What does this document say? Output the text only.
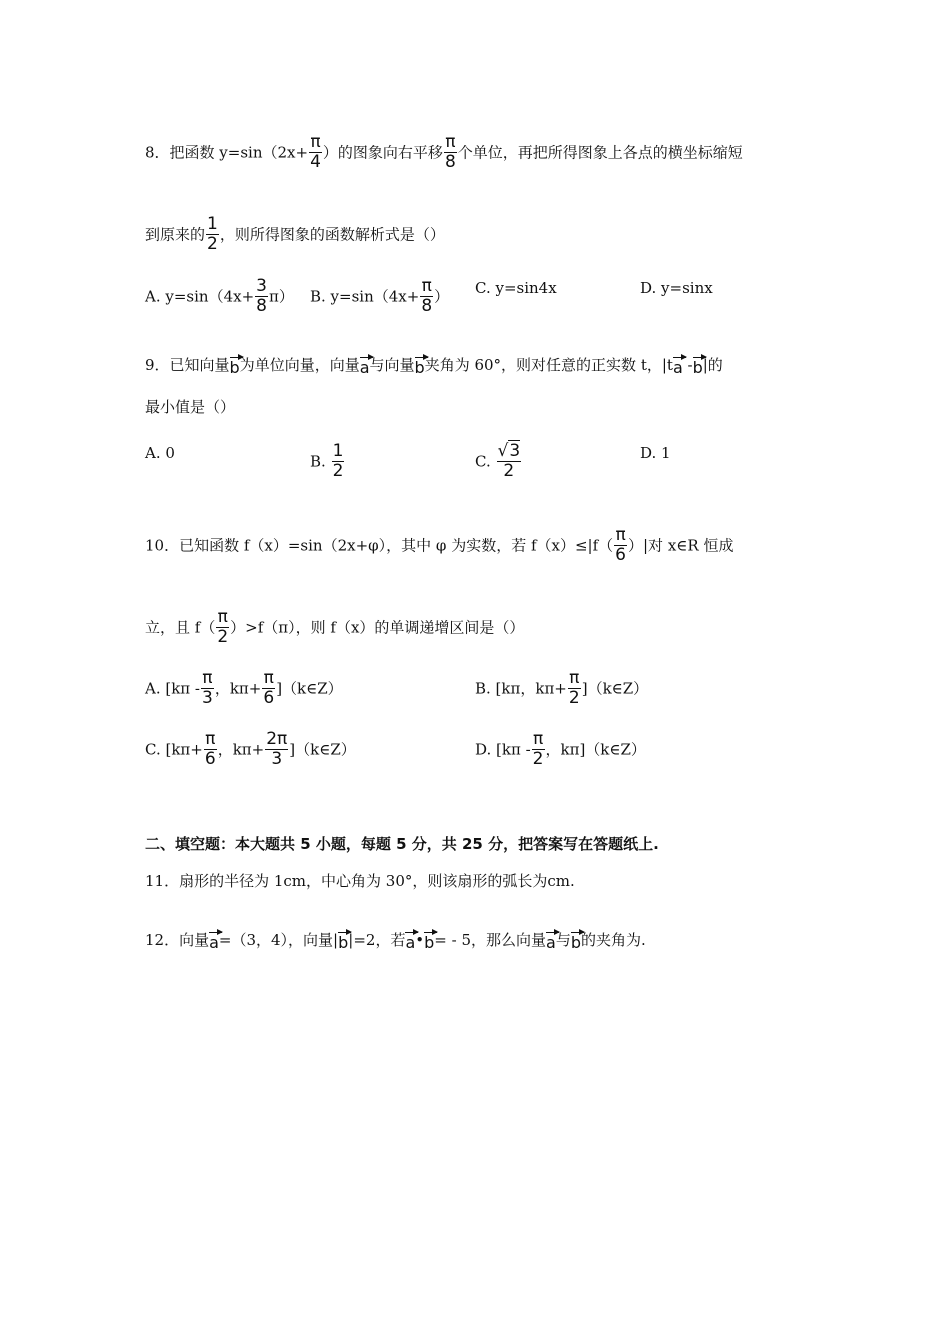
8．把函数 $y=\sin(2x+ \frac{\pi}{4}$ ）的图象向右平移 $\frac{\pi}{8}$ 个单位，再把所得图象上各点的横坐标缩短
到原来的 $\frac{1}{2}$ ，则所得图象的函数解析式是（）
A. $y=\sin(4x+ \frac{3}{8} \pi)$ B. $y=\sin(4x+ \frac{\pi}{8}$ ） C. y=sin4x	D. y=sinx
9．已知向量b为单位向量，向量a与向量b夹角为 60°，则对任意的正实数 t，|ta -b|的
最小值是（）
A. 0	B. $\frac{1}{2}$	C. $\frac{√3}{2}$	D. 1
10．已知函数 f（x）=sin（2x+φ），其中 φ 为实数，若 $f(x)\le|f( \frac{\pi}{6}$ ）|对 x∈R 恒成
立，且 $f( \frac{\pi}{2} )>f(\pi)$，则 f（x）的单调递增区间是（）
A. [$k\pi - \frac{\pi}{3}$ ，$k\pi+ \frac{\pi}{6}$ ]（k∈Z）	B. [kπ，$k\pi+ \frac{\pi}{2}$ ]（k∈Z）
C. [$k\pi+ \frac{\pi}{6}$ ，$k\pi+ \frac{2\pi}{3}$ ]（k∈Z）	D. [$k\pi - \frac{\pi}{2}$ ，kπ]（k∈Z）
二、填空题：本大题共 5 小题，每题 5 分，共 25 分，把答案写在答题纸上.
11．扇形的半径为 1cm，中心角为 30°，则该扇形的弧长为cm.
12．向量a=（3，4），向量|b|=2，若a•b= - 5，那么向量a与b的夹角为.
